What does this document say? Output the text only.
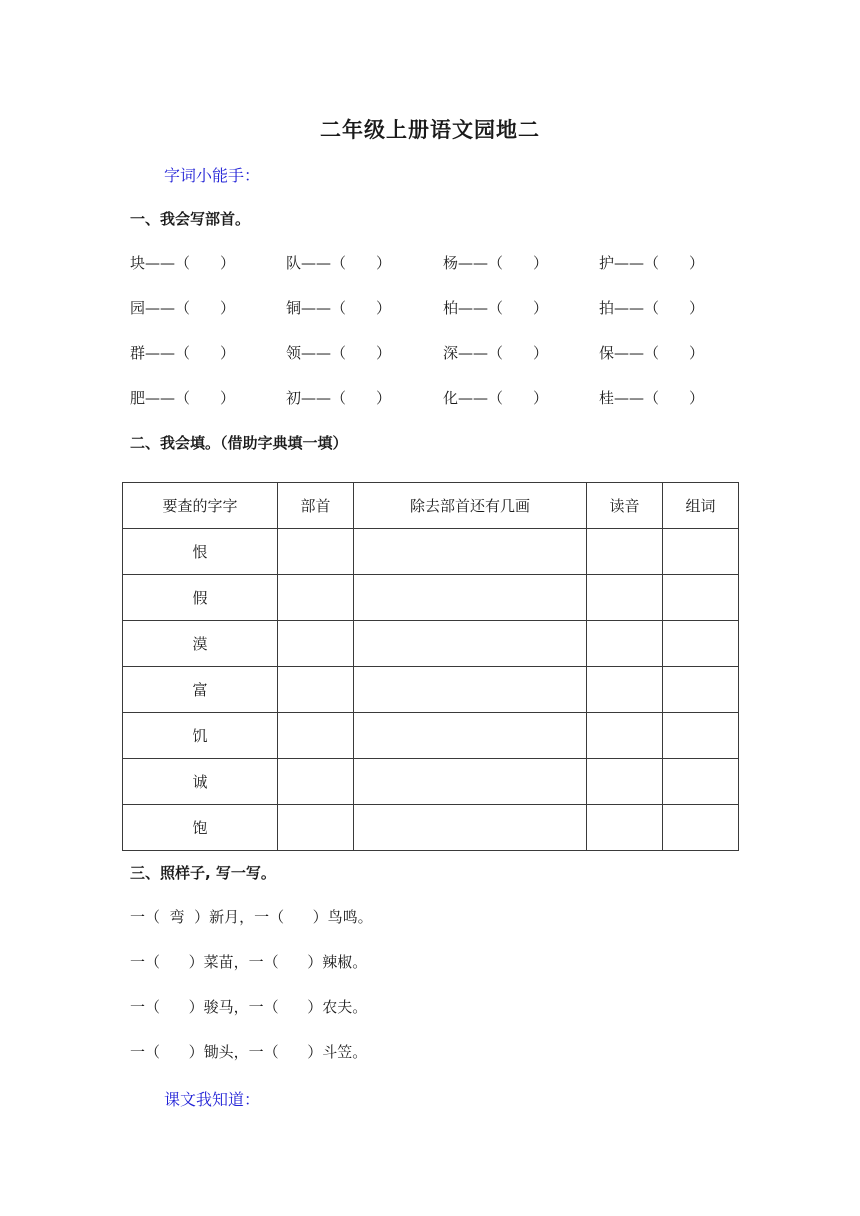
二年级上册语文园地二
字词小能手：
一、我会写部首。
块——（　　）	队——（　　）	杨——（　　）	护——（　　）
园——（　　）	铜——（　　）	柏——（　　）	拍——（　　）
群——（　　）	领——（　　）	深——（　　）	保——（　　）
肥——（　　）	初——（　　）	化——（　　）	桂——（　　）
二、我会填。（借助字典填一填）
要查的字字	部首	除去部首还有几画	读音	组词
恨				
假				
漠				
富				
饥				
诚				
饱				
三、照样子, 写一写。
一（  弯  ）新月，一（      ）鸟鸣。
一（      ）菜苗，一（      ）辣椒。
一（      ）骏马，一（      ）农夫。
一（      ）锄头，一（      ）斗笠。
课文我知道：
